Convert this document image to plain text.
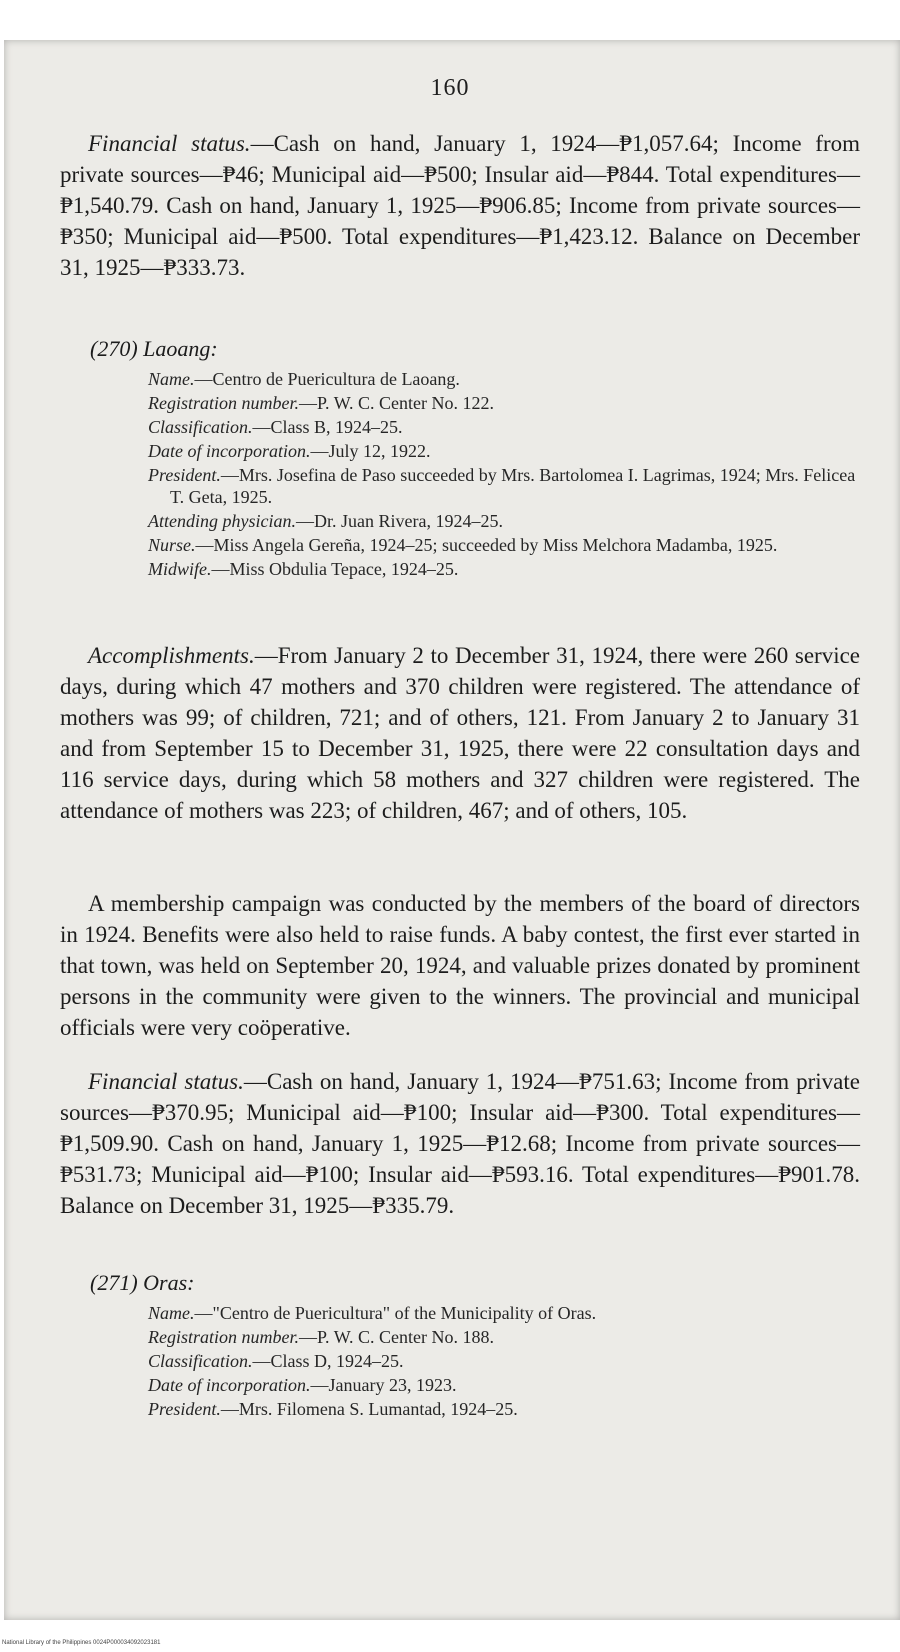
160

Financial status.—Cash on hand, January 1, 1924—₱1,057.64; Income from private sources—₱46; Municipal aid—₱500; Insular aid—₱844. Total expenditures—₱1,540.79. Cash on hand, January 1, 1925—₱906.85; Income from private sources—₱350; Municipal aid—₱500. Total expenditures—₱1,423.12. Balance on December 31, 1925—₱333.73.

(270) Laoang:

Name.—Centro de Puericultura de Laoang.

Registration number.—P. W. C. Center No. 122.

Classification.—Class B, 1924–25.

Date of incorporation.—July 12, 1922.

President.—Mrs. Josefina de Paso succeeded by Mrs. Bartolomea I. Lagrimas, 1924; Mrs. Felicea T. Geta, 1925.

Attending physician.—Dr. Juan Rivera, 1924–25.

Nurse.—Miss Angela Gereña, 1924–25; succeeded by Miss Melchora Madamba, 1925.

Midwife.—Miss Obdulia Tepace, 1924–25.

Accomplishments.—From January 2 to December 31, 1924, there were 260 service days, during which 47 mothers and 370 children were registered. The attendance of mothers was 99; of children, 721; and of others, 121. From January 2 to January 31 and from September 15 to December 31, 1925, there were 22 consultation days and 116 service days, during which 58 mothers and 327 children were registered. The attendance of mothers was 223; of children, 467; and of others, 105.

A membership campaign was conducted by the members of the board of directors in 1924. Benefits were also held to raise funds. A baby contest, the first ever started in that town, was held on September 20, 1924, and valuable prizes donated by prominent persons in the community were given to the winners. The provincial and municipal officials were very coöperative.

Financial status.—Cash on hand, January 1, 1924—₱751.63; Income from private sources—₱370.95; Municipal aid—₱100; Insular aid—₱300. Total expenditures—₱1,509.90. Cash on hand, January 1, 1925—₱12.68; Income from private sources—₱531.73; Municipal aid—₱100; Insular aid—₱593.16. Total expenditures—₱901.78. Balance on December 31, 1925—₱335.79.

(271) Oras:

Name.—"Centro de Puericultura" of the Municipality of Oras.

Registration number.—P. W. C. Center No. 188.

Classification.—Class D, 1924–25.

Date of incorporation.—January 23, 1923.

President.—Mrs. Filomena S. Lumantad, 1924–25.

National Library of the Philippines 0024P000034092023181
